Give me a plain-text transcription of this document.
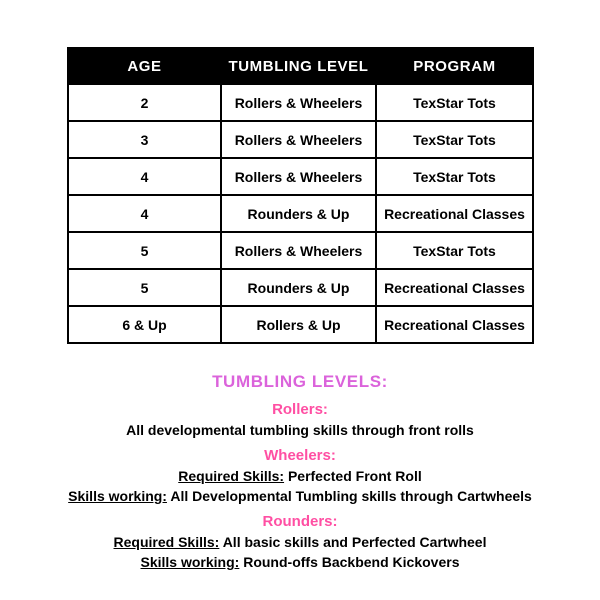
AGE	TUMBLING LEVEL	PROGRAM
2	Rollers & Wheelers	TexStar Tots
3	Rollers & Wheelers	TexStar Tots
4	Rollers & Wheelers	TexStar Tots
4	Rounders & Up	Recreational Classes
5	Rollers & Wheelers	TexStar Tots
5	Rounders & Up	Recreational Classes
6 & Up	Rollers & Up	Recreational Classes
TUMBLING LEVELS:
Rollers:
All developmental tumbling skills through front rolls
Wheelers:
Required Skills: Perfected Front Roll
Skills working: All Developmental Tumbling skills through Cartwheels
Rounders:
Required Skills: All basic skills and Perfected Cartwheel
Skills working: Round-offs Backbend Kickovers
